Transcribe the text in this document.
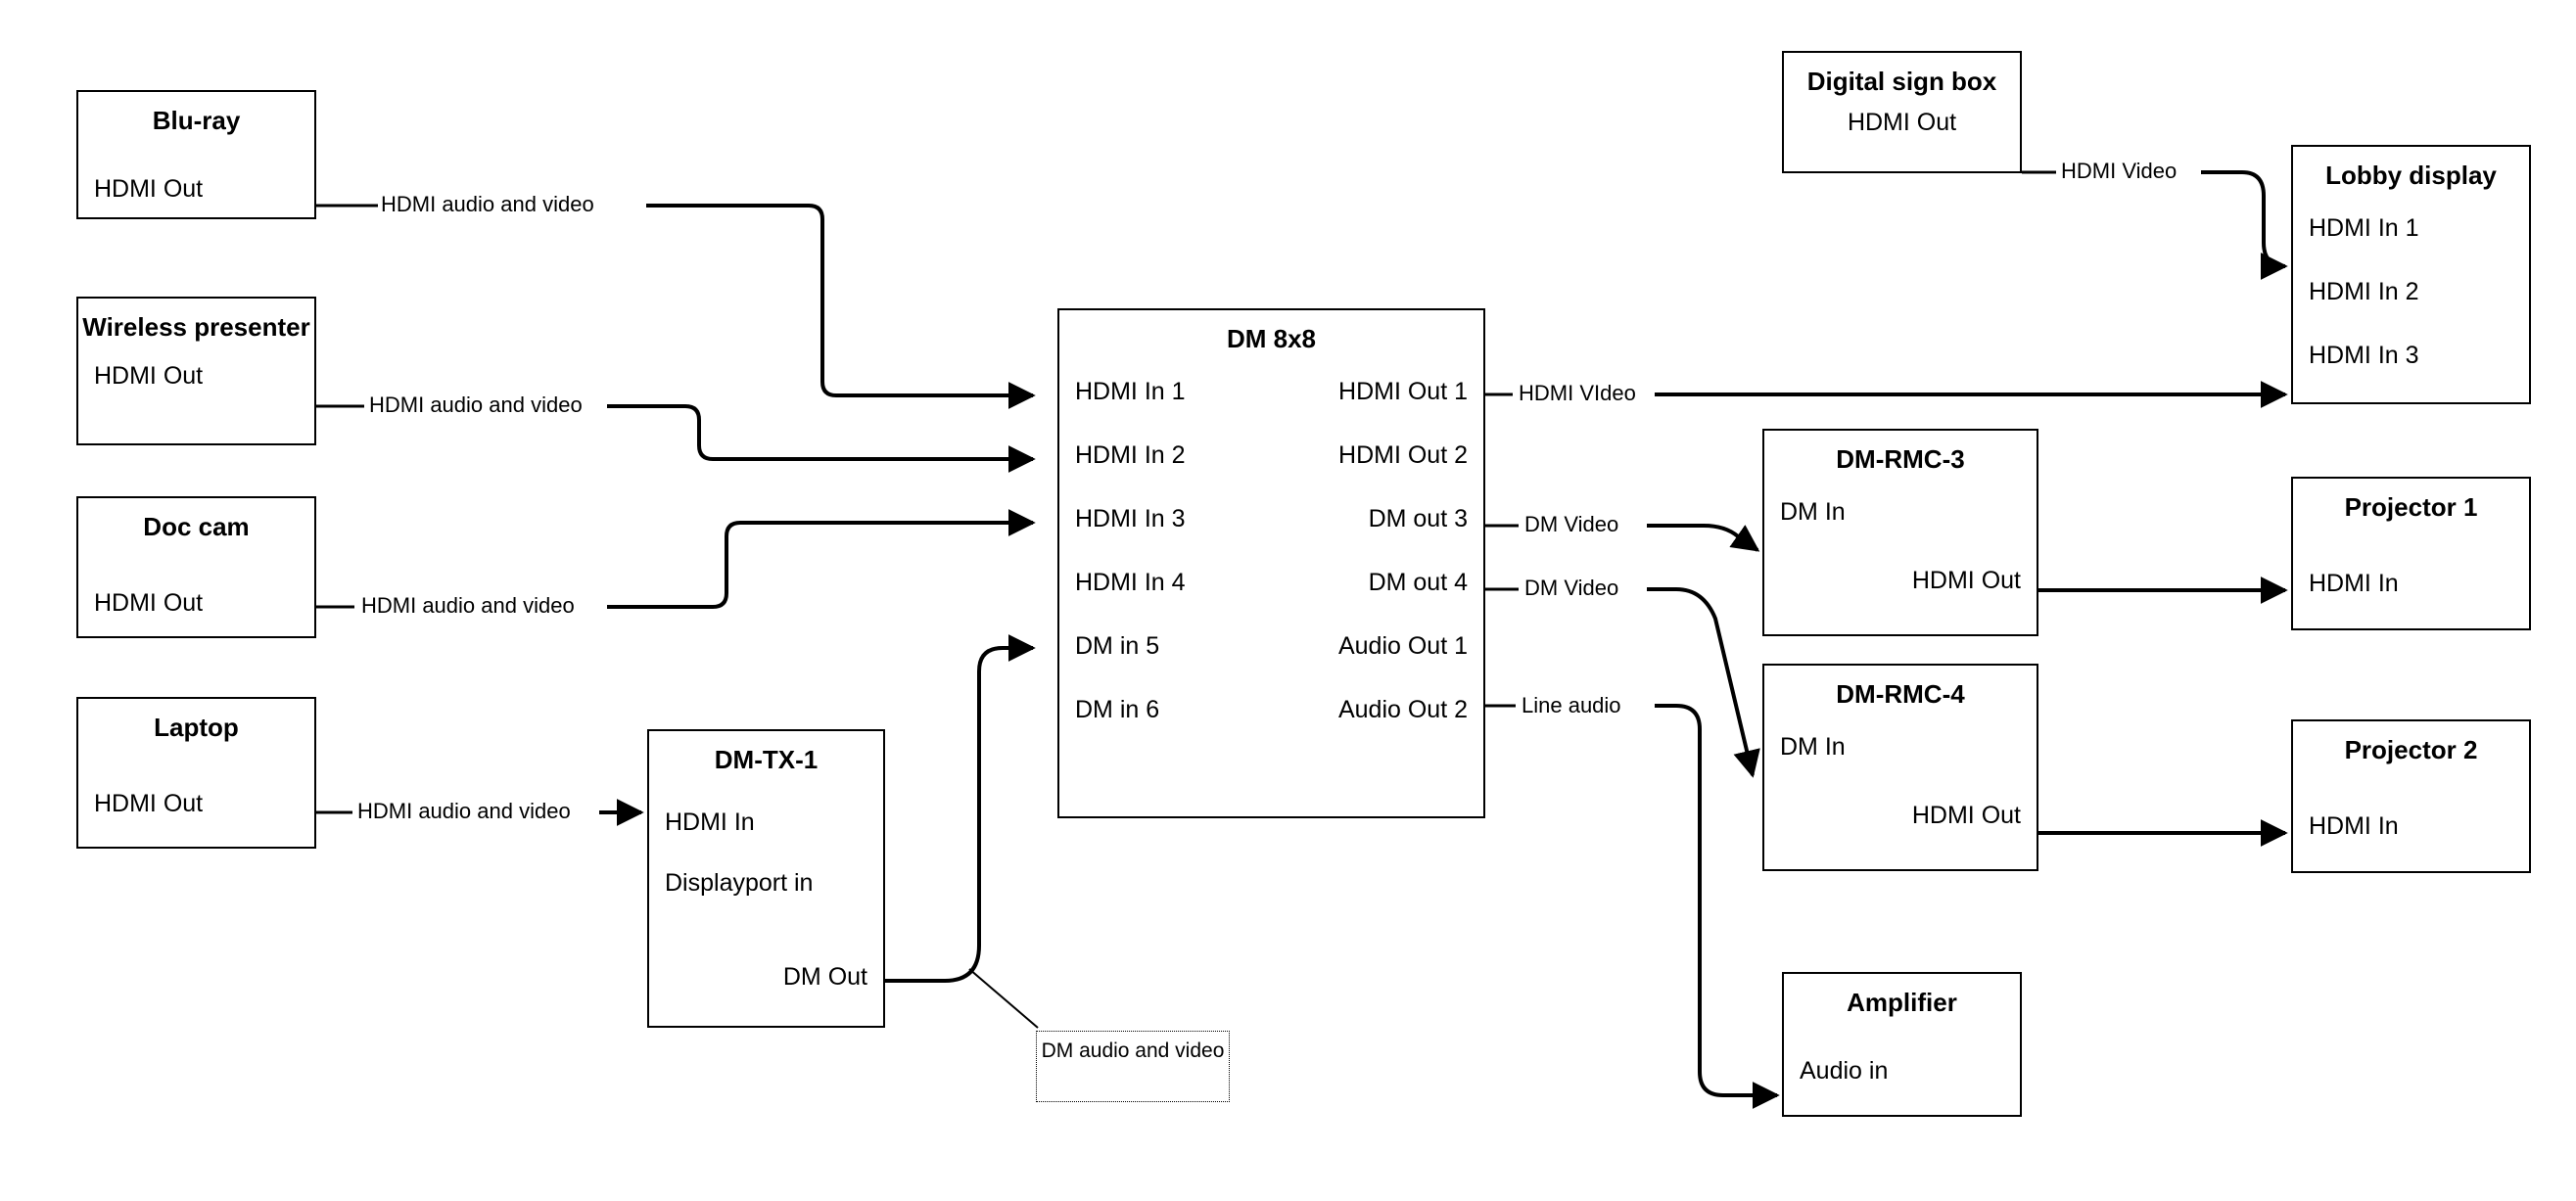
Blu-ray
HDMI Out
Wireless presenter
HDMI Out
Doc cam
HDMI Out
Laptop
HDMI Out
DM-TX-1
HDMI In
Displayport in
DM Out
DM 8x8
HDMI In 1
HDMI In 2
HDMI In 3
HDMI In 4
DM in 5
DM in 6
HDMI Out 1
HDMI Out 2
DM out 3
DM out 4
Audio Out 1
Audio Out 2
Digital sign box
HDMI Out
Lobby display
HDMI In 1
HDMI In 2
HDMI In 3
DM-RMC-3
DM In
HDMI Out
DM-RMC-4
DM In
HDMI Out
Projector 1
HDMI In
Projector 2
HDMI In
Amplifier
Audio in
DM audio and video
HDMI audio and video
HDMI audio and video
HDMI audio and video
HDMI audio and video
HDMI Video
HDMI VIdeo
DM Video
DM Video
Line audio
